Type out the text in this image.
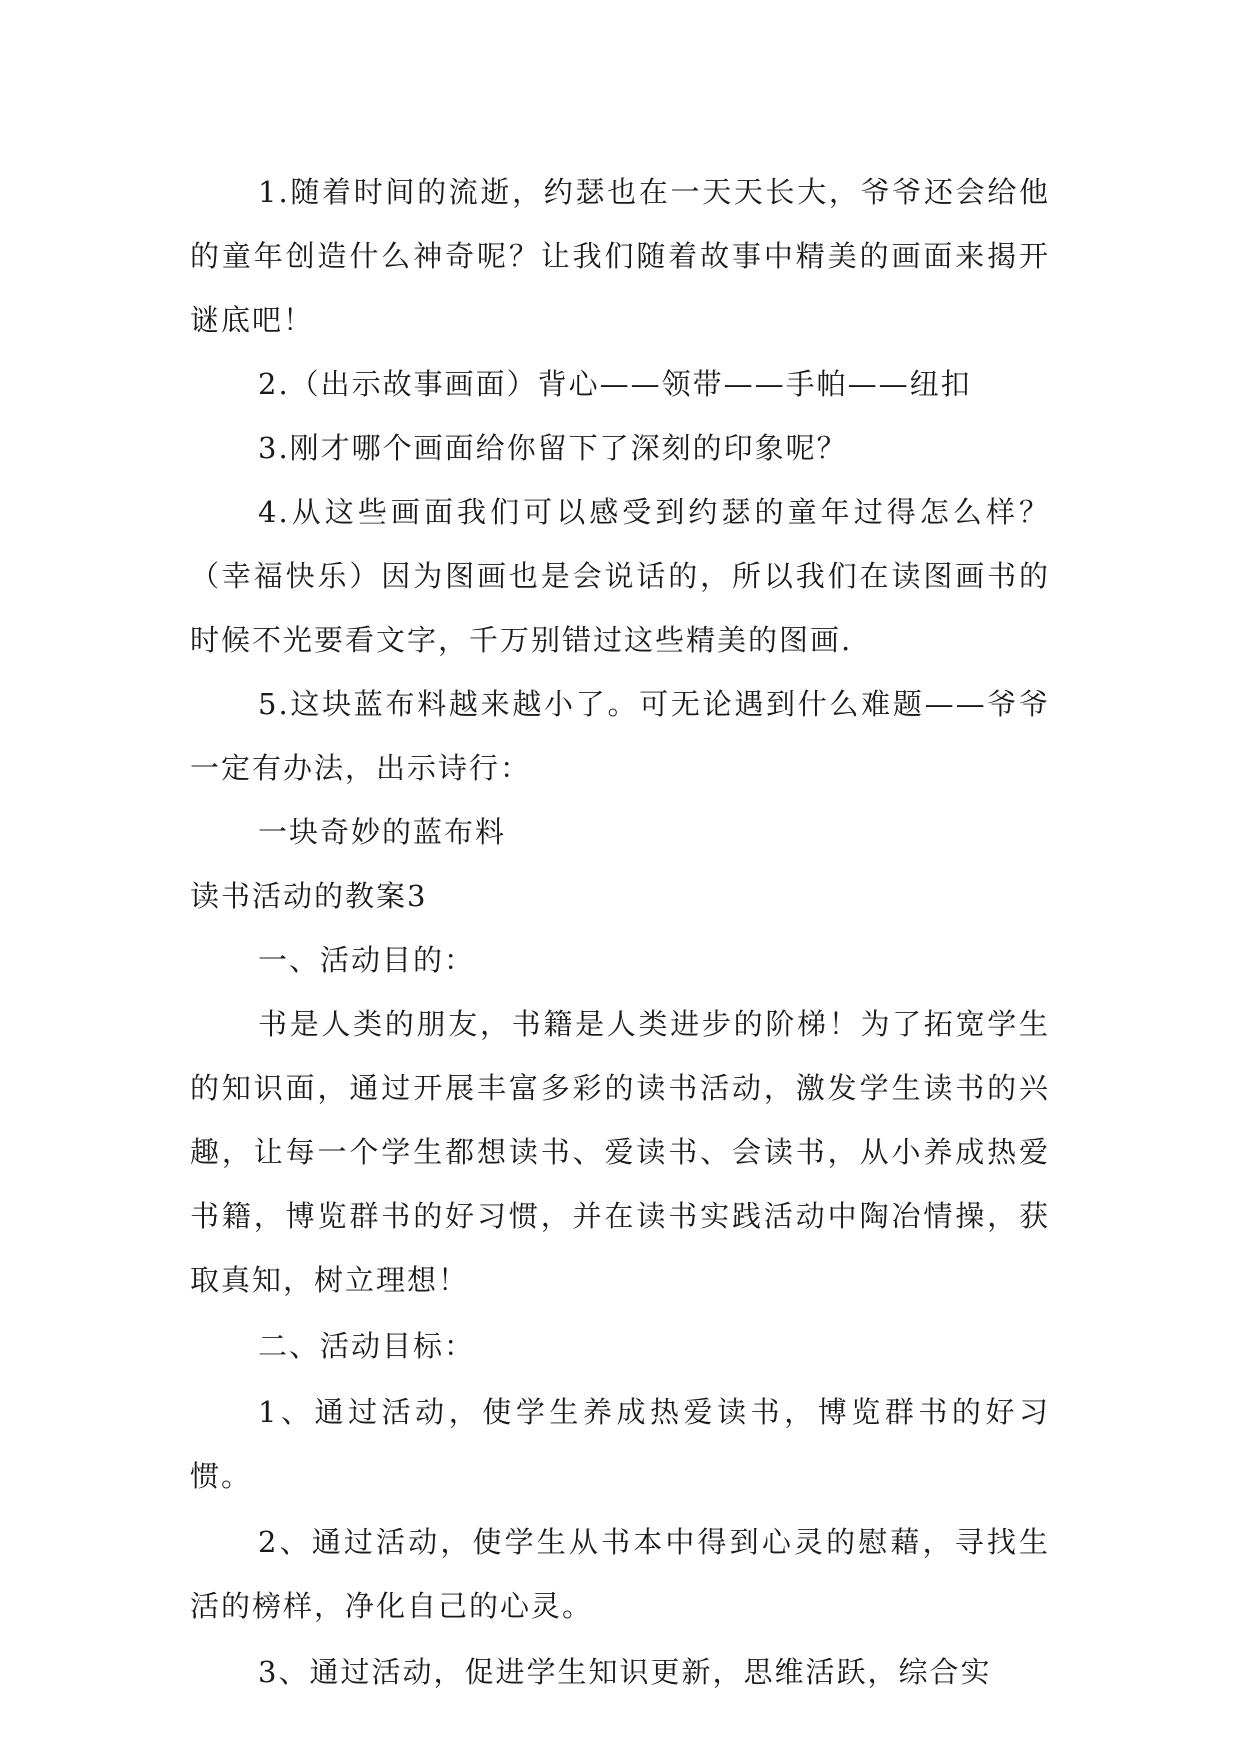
1.随着时间的流逝，约瑟也在一天天长大，爷爷还会给他的童年创造什么神奇呢？让我们随着故事中精美的画面来揭开谜底吧！

2.（出示故事画面）背心——领带——手帕——纽扣

3.刚才哪个画面给你留下了深刻的印象呢？

4.从这些画面我们可以感受到约瑟的童年过得怎么样？（幸福快乐）因为图画也是会说话的，所以我们在读图画书的时候不光要看文字，千万别错过这些精美的图画.

5.这块蓝布料越来越小了。可无论遇到什么难题——爷爷一定有办法，出示诗行：

一块奇妙的蓝布料

读书活动的教案3

一、活动目的：

书是人类的朋友，书籍是人类进步的阶梯！为了拓宽学生的知识面，通过开展丰富多彩的读书活动，激发学生读书的兴趣，让每一个学生都想读书、爱读书、会读书，从小养成热爱书籍，博览群书的好习惯，并在读书实践活动中陶冶情操，获取真知，树立理想！

二、活动目标：

1、通过活动，使学生养成热爱读书，博览群书的好习惯。

2、通过活动，使学生从书本中得到心灵的慰藉，寻找生活的榜样，净化自己的心灵。

3、通过活动，促进学生知识更新，思维活跃，综合实
